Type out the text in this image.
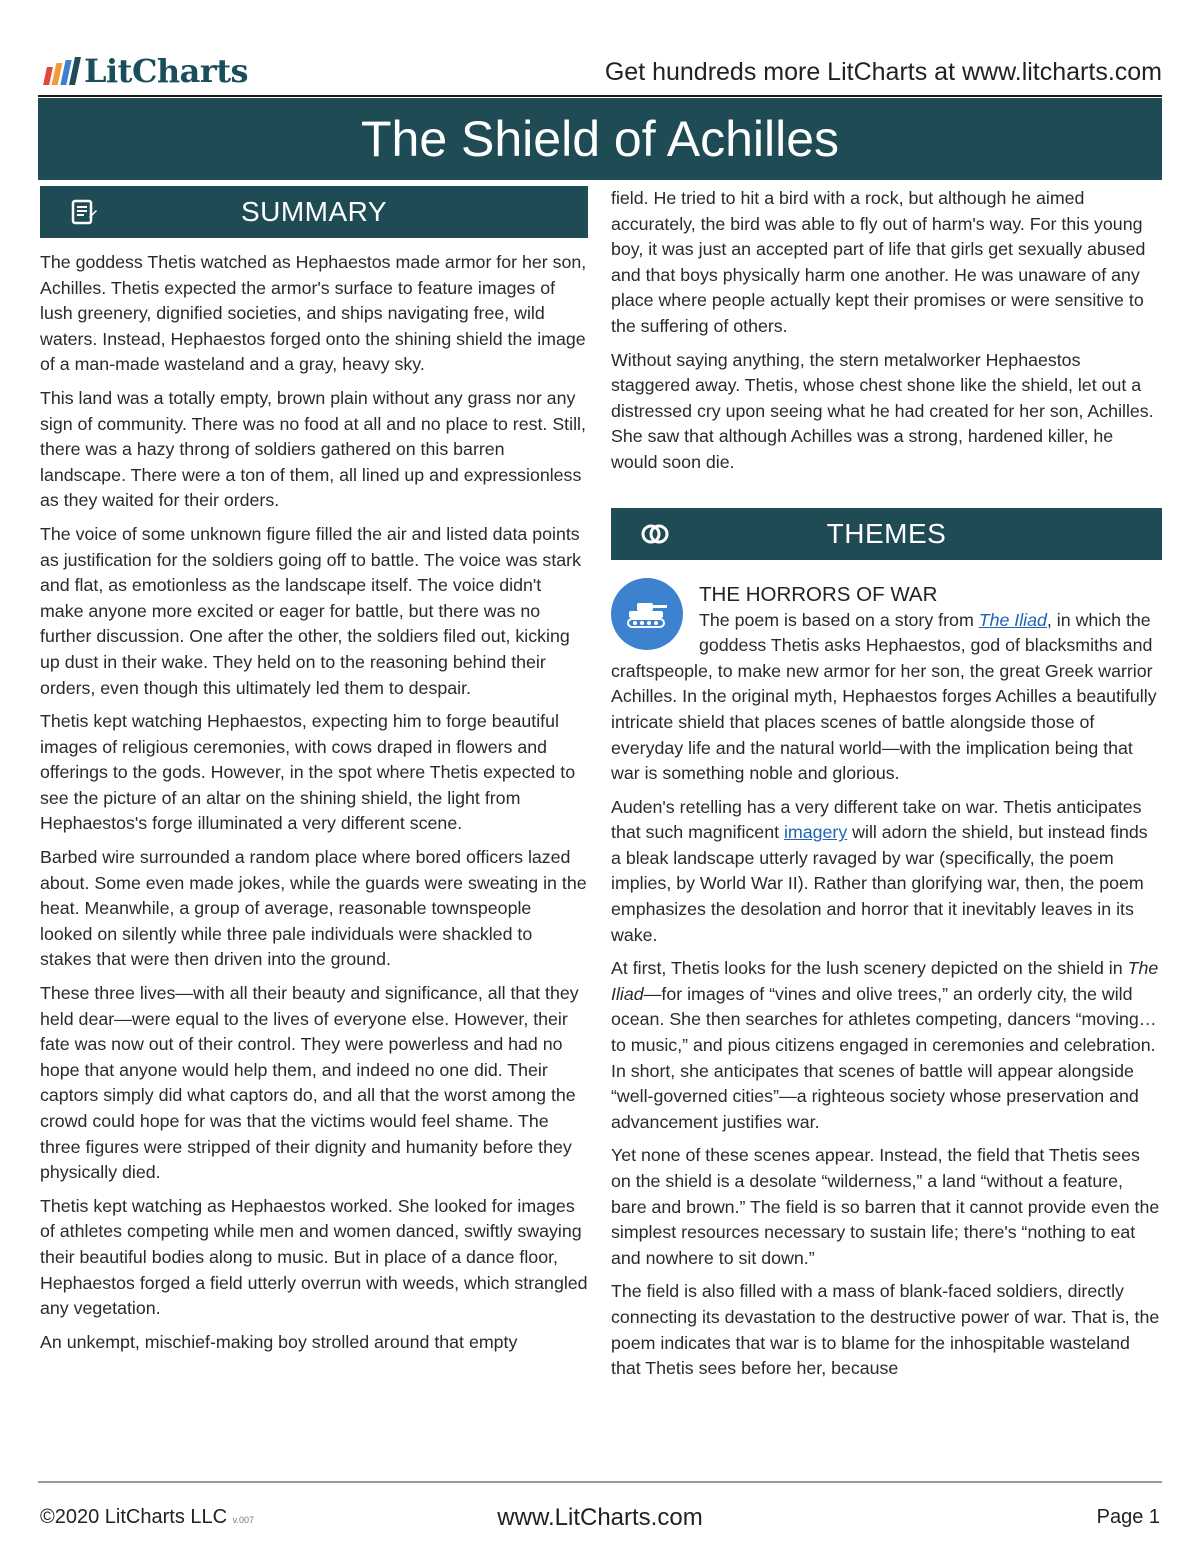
LitCharts	Get hundreds more LitCharts at www.litcharts.com
The Shield of Achilles
SUMMARY

The goddess Thetis watched as Hephaestos made armor for her son, Achilles. Thetis expected the armor's surface to feature images of lush greenery, dignified societies, and ships navigating free, wild waters. Instead, Hephaestos forged onto the shining shield the image of a man-made wasteland and a gray, heavy sky.

This land was a totally empty, brown plain without any grass nor any sign of community. There was no food at all and no place to rest. Still, there was a hazy throng of soldiers gathered on this barren landscape. There were a ton of them, all lined up and expressionless as they waited for their orders.

The voice of some unknown figure filled the air and listed data points as justification for the soldiers going off to battle. The voice was stark and flat, as emotionless as the landscape itself. The voice didn't make anyone more excited or eager for battle, but there was no further discussion. One after the other, the soldiers filed out, kicking up dust in their wake. They held on to the reasoning behind their orders, even though this ultimately led them to despair.

Thetis kept watching Hephaestos, expecting him to forge beautiful images of religious ceremonies, with cows draped in flowers and offerings to the gods. However, in the spot where Thetis expected to see the picture of an altar on the shining shield, the light from Hephaestos's forge illuminated a very different scene.

Barbed wire surrounded a random place where bored officers lazed about. Some even made jokes, while the guards were sweating in the heat. Meanwhile, a group of average, reasonable townspeople looked on silently while three pale individuals were shackled to stakes that were then driven into the ground.

These three lives—with all their beauty and significance, all that they held dear—were equal to the lives of everyone else. However, their fate was now out of their control. They were powerless and had no hope that anyone would help them, and indeed no one did. Their captors simply did what captors do, and all that the worst among the crowd could hope for was that the victims would feel shame. The three figures were stripped of their dignity and humanity before they physically died.

Thetis kept watching as Hephaestos worked. She looked for images of athletes competing while men and women danced, swiftly swaying their beautiful bodies along to music. But in place of a dance floor, Hephaestos forged a field utterly overrun with weeds, which strangled any vegetation.

An unkempt, mischief-making boy strolled around that empty

field. He tried to hit a bird with a rock, but although he aimed accurately, the bird was able to fly out of harm's way. For this young boy, it was just an accepted part of life that girls get sexually abused and that boys physically harm one another. He was unaware of any place where people actually kept their promises or were sensitive to the suffering of others.

Without saying anything, the stern metalworker Hephaestos staggered away. Thetis, whose chest shone like the shield, let out a distressed cry upon seeing what he had created for her son, Achilles. She saw that although Achilles was a strong, hardened killer, he would soon die.

THEMES
THE HORRORS OF WAR

The poem is based on a story from The Iliad, in which the goddess Thetis asks Hephaestos, god of blacksmiths and craftspeople, to make new armor for her son, the great Greek warrior Achilles. In the original myth, Hephaestos forges Achilles a beautifully intricate shield that places scenes of battle alongside those of everyday life and the natural world—with the implication being that war is something noble and glorious.

Auden's retelling has a very different take on war. Thetis anticipates that such magnificent imagery will adorn the shield, but instead finds a bleak landscape utterly ravaged by war (specifically, the poem implies, by World War II). Rather than glorifying war, then, the poem emphasizes the desolation and horror that it inevitably leaves in its wake.

At first, Thetis looks for the lush scenery depicted on the shield in The Iliad—for images of “vines and olive trees,” an orderly city, the wild ocean. She then searches for athletes competing, dancers “moving… to music,” and pious citizens engaged in ceremonies and celebration. In short, she anticipates that scenes of battle will appear alongside “well-governed cities”—a righteous society whose preservation and advancement justifies war.

Yet none of these scenes appear. Instead, the field that Thetis sees on the shield is a desolate “wilderness,” a land “without a feature, bare and brown.” The field is so barren that it cannot provide even the simplest resources necessary to sustain life; there's “nothing to eat and nowhere to sit down.”

The field is also filled with a mass of blank-faced soldiers, directly connecting its devastation to the destructive power of war. That is, the poem indicates that war is to blame for the inhospitable wasteland that Thetis sees before her, because

©2020 LitCharts LLC v.007	www.LitCharts.com	Page 1
